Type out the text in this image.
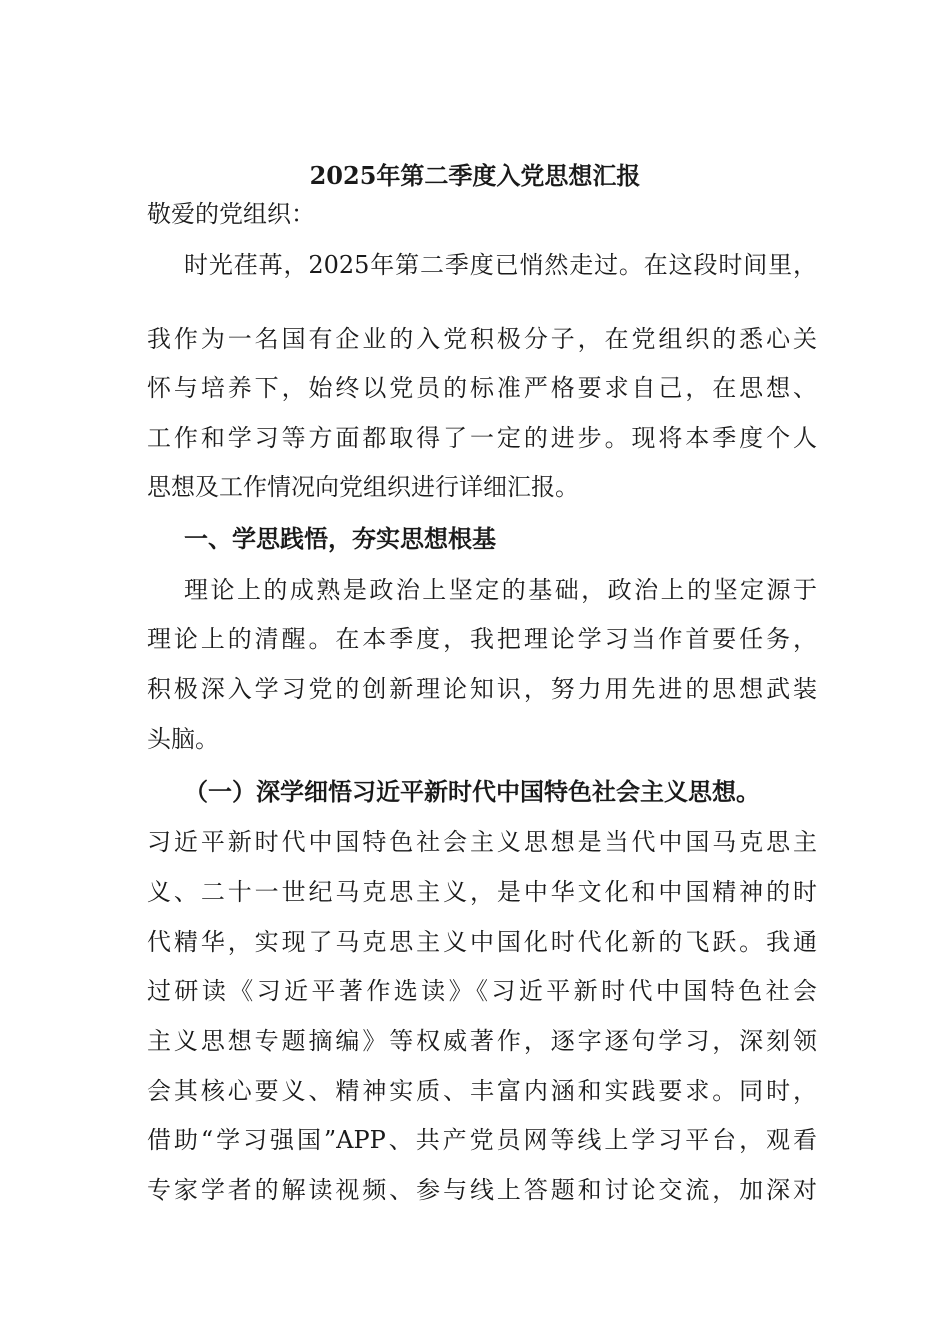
2025年第二季度入党思想汇报
敬爱的党组织：
时光荏苒，2025年第二季度已悄然走过。在这段时间里，
我作为一名国有企业的入党积极分子，在党组织的悉心关
怀与培养下，始终以党员的标准严格要求自己，在思想、
工作和学习等方面都取得了一定的进步。现将本季度个人
思想及工作情况向党组织进行详细汇报。
一、学思践悟，夯实思想根基
理论上的成熟是政治上坚定的基础，政治上的坚定源于
理论上的清醒。在本季度，我把理论学习当作首要任务，
积极深入学习党的创新理论知识，努力用先进的思想武装
头脑。
（一）深学细悟习近平新时代中国特色社会主义思想。
习近平新时代中国特色社会主义思想是当代中国马克思主
义、二十一世纪马克思主义，是中华文化和中国精神的时
代精华，实现了马克思主义中国化时代化新的飞跃。我通
过研读《习近平著作选读》《习近平新时代中国特色社会
主义思想专题摘编》等权威著作，逐字逐句学习，深刻领
会其核心要义、精神实质、丰富内涵和实践要求。同时，
借助“学习强国”APP、共产党员网等线上学习平台，观看
专家学者的解读视频、参与线上答题和讨论交流，加深对
